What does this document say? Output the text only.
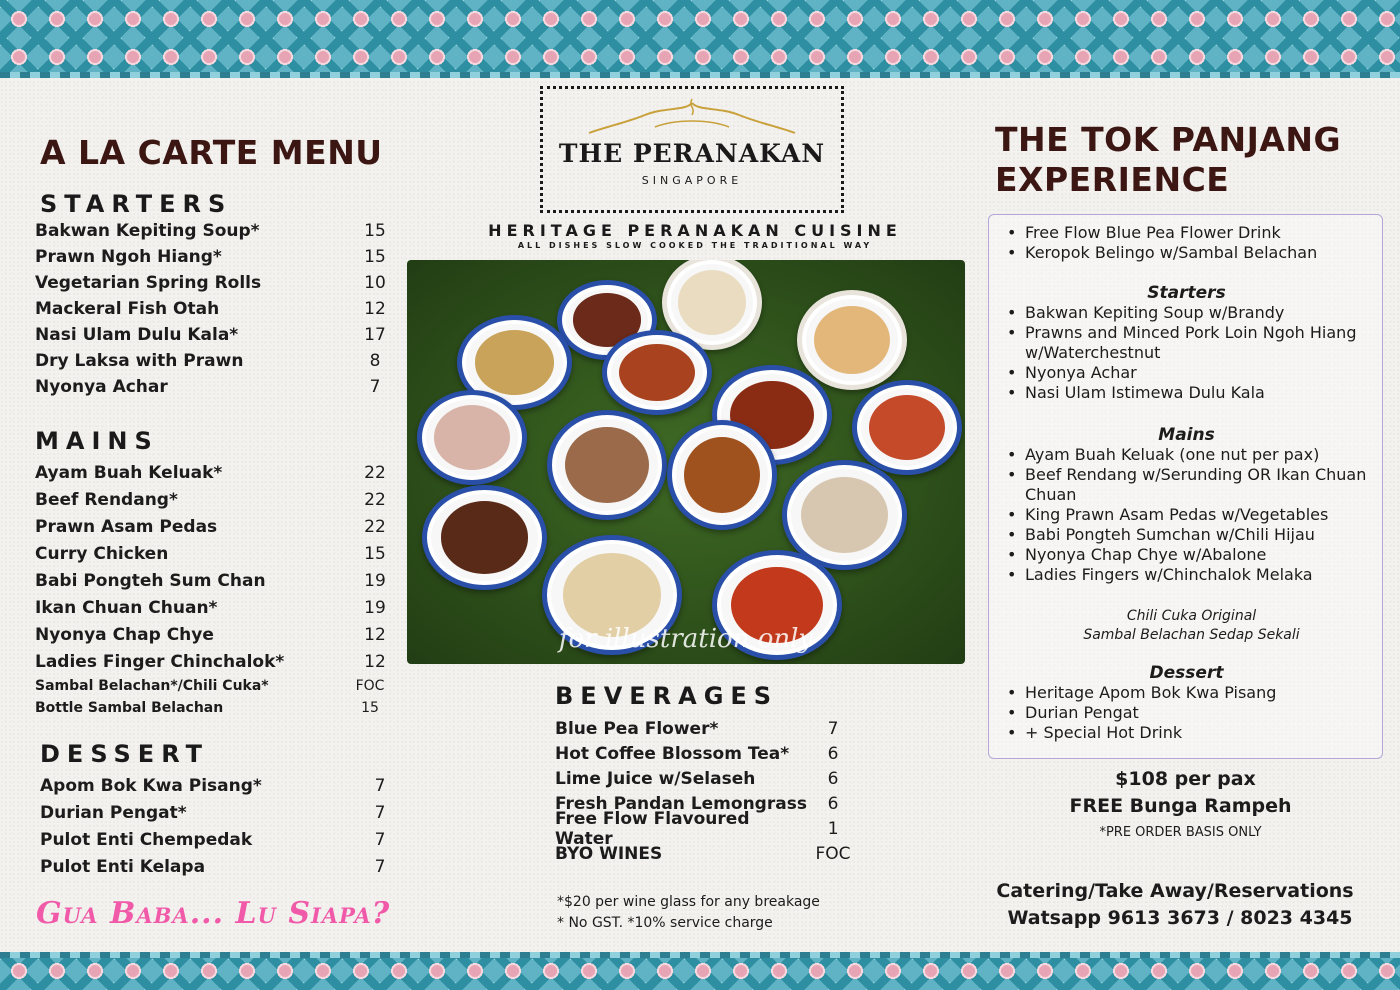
A LA CARTE MENU
STARTERS
Bakwan Kepiting Soup*	15
Prawn Ngoh Hiang*	15
Vegetarian Spring Rolls	10
Mackeral Fish Otah	12
Nasi Ulam Dulu Kala*	17
Dry Laksa with Prawn	8
Nyonya Achar	7
MAINS
Ayam Buah Keluak*	22
Beef Rendang*	22
Prawn Asam Pedas	22
Curry Chicken	15
Babi Pongteh Sum Chan	19
Ikan Chuan Chuan*	19
Nyonya Chap Chye	12
Ladies Finger Chinchalok*	12
Sambal Belachan*/Chili Cuka*	FOC
Bottle Sambal Belachan	15
DESSERT
Apom Bok Kwa Pisang*	7
Durian Pengat*	7
Pulot Enti Chempedak	7
Pulot Enti Kelapa	7
Gua Baba... Lu Siapa?
THE PERANAKAN
SINGAPORE
HERITAGE PERANAKAN CUISINE
ALL DISHES SLOW COOKED THE TRADITIONAL WAY
for illustration only
BEVERAGES
Blue Pea Flower*	7
Hot Coffee Blossom Tea*	6
Lime Juice w/Selaseh	6
Fresh Pandan Lemongrass	6
Free Flow Flavoured Water	1
BYO WINES	FOC
*$20 per wine glass for any breakage
* No GST. *10% service charge
THE TOK PANJANG
EXPERIENCE
• Free Flow Blue Pea Flower Drink
• Keropok Belingo w/Sambal Belachan
Starters
• Bakwan Kepiting Soup w/Brandy
• Prawns and Minced Pork Loin Ngoh Hiang w/Waterchestnut
• Nyonya Achar
• Nasi Ulam Istimewa Dulu Kala
Mains
• Ayam Buah Keluak (one nut per pax)
• Beef Rendang w/Serunding OR Ikan Chuan Chuan
• King Prawn Asam Pedas w/Vegetables
• Babi Pongteh Sumchan w/Chili Hijau
• Nyonya Chap Chye w/Abalone
• Ladies Fingers w/Chinchalok Melaka
Chili Cuka Original
Sambal Belachan Sedap Sekali
Dessert
• Heritage Apom Bok Kwa Pisang
• Durian Pengat
• + Special Hot Drink
$108 per pax
FREE Bunga Rampeh
*PRE ORDER BASIS ONLY
Catering/Take Away/Reservations
Watsapp 9613 3673 / 8023 4345
